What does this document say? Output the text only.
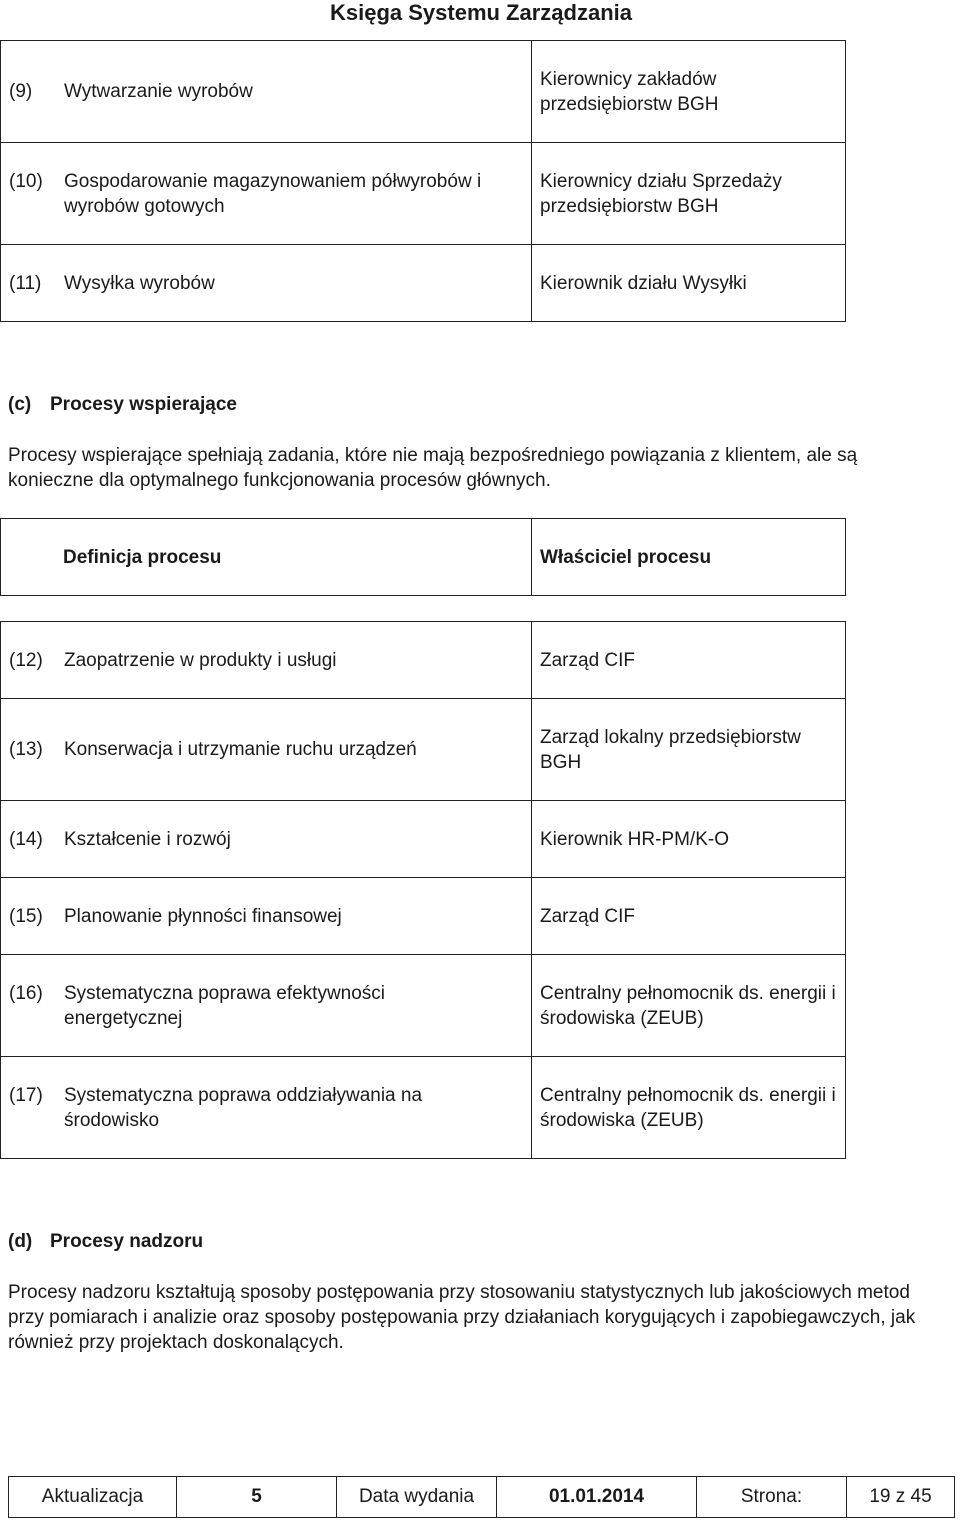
Księga Systemu Zarządzania
(9) Wytwarzanie wyrobów	Kierownicy zakładów przedsiębiorstw BGH

(10) Gospodarowanie magazynowaniem półwyrobów i wyrobów gotowych	Kierownicy działu Sprzedaży przedsiębiorstw BGH

(11) Wysyłka wyrobów	Kierownik działu Wysyłki
(c) Procesy wspierające
Procesy wspierające spełniają zadania, które nie mają bezpośredniego powiązania z klientem, ale są konieczne dla optymalnego funkcjonowania procesów głównych.
Definicja procesu	Właściciel procesu
(12) Zaopatrzenie w produkty i usługi	Zarząd CIF

(13) Konserwacja i utrzymanie ruchu urządzeń	Zarząd lokalny przedsiębiorstw BGH

(14) Kształcenie i rozwój	Kierownik HR-PM/K-O

(15) Planowanie płynności finansowej	Zarząd CIF

(16) Systematyczna poprawa efektywności energetycznej	Centralny pełnomocnik ds. energii i środowiska (ZEUB)

(17) Systematyczna poprawa oddziaływania na środowisko	Centralny pełnomocnik ds. energii i środowiska (ZEUB)
(d) Procesy nadzoru
Procesy nadzoru kształtują sposoby postępowania przy stosowaniu statystycznych lub jakościowych metod przy pomiarach i analizie oraz sposoby postępowania przy działaniach korygujących i zapobiegawczych, jak również przy projektach doskonalących.
Aktualizacja	5	Data wydania	01.01.2014	Strona:	19 z 45
